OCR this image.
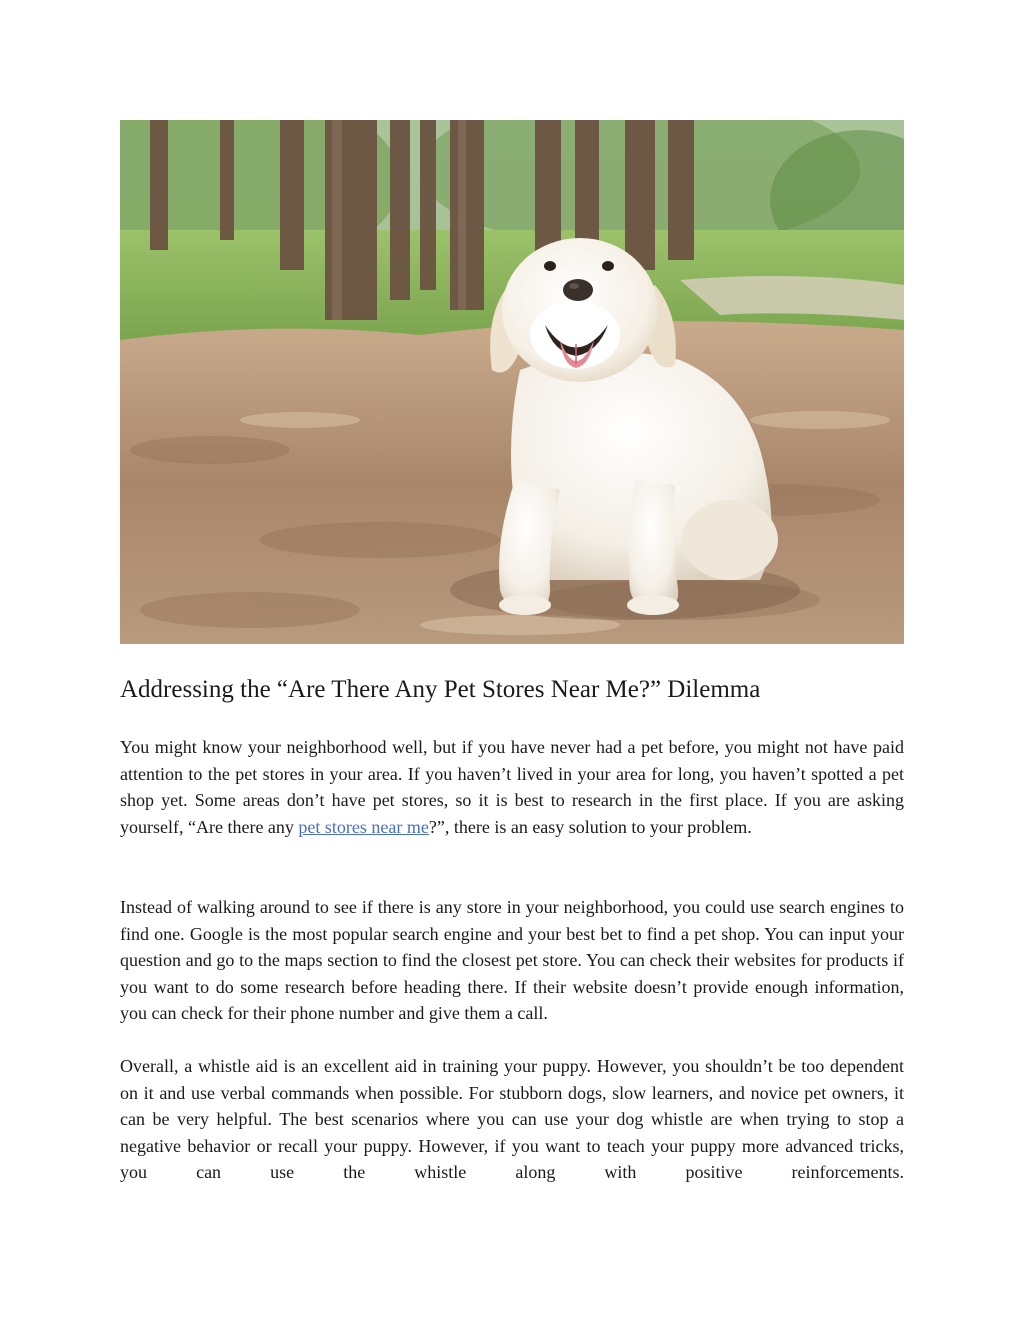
Addressing the “Are There Any Pet Stores Near Me?” Dilemma

You might know your neighborhood well, but if you have never had a pet before, you might not have paid attention to the pet stores in your area. If you haven’t lived in your area for long, you haven’t spotted a pet shop yet. Some areas don’t have pet stores, so it is best to research in the first place. If you are asking yourself, “Are there any pet stores near me?”, there is an easy solution to your problem.

Instead of walking around to see if there is any store in your neighborhood, you could use search engines to find one. Google is the most popular search engine and your best bet to find a pet shop. You can input your question and go to the maps section to find the closest pet store. You can check their websites for products if you want to do some research before heading there. If their website doesn’t provide enough information, you can check for their phone number and give them a call.

Overall, a whistle aid is an excellent aid in training your puppy. However, you shouldn’t be too dependent on it and use verbal commands when possible. For stubborn dogs, slow learners, and novice pet owners, it can be very helpful. The best scenarios where you can use your dog whistle are when trying to stop a negative behavior or recall your puppy. However, if you want to teach your puppy more advanced tricks, you can use the whistle along with positive reinforcements.
